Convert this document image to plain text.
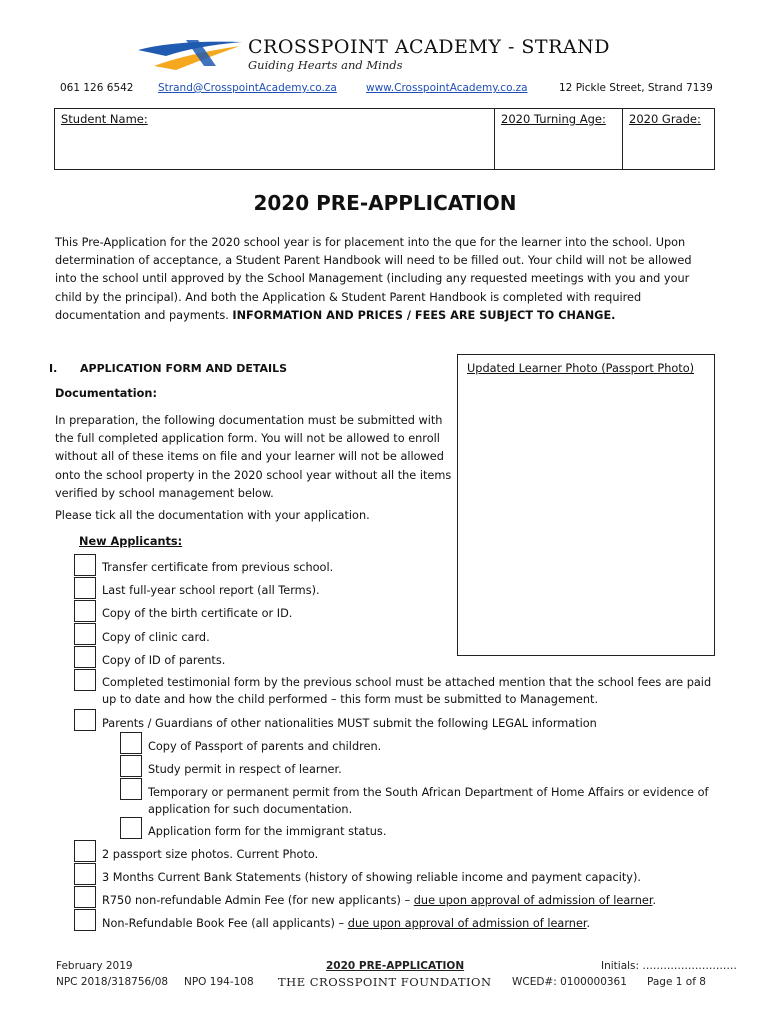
CROSSPOINT ACADEMY - STRAND
Guiding Hearts and Minds
061 126 6542 Strand@CrosspointAcademy.co.za	www.CrosspointAcademy.co.za	12 Pickle Street, Strand 7139
Student Name:	2020 Turning Age:	2020 Grade:
2020 PRE-APPLICATION
This Pre-Application for the 2020 school year is for placement into the que for the learner into the school. Upon determination of acceptance, a Student Parent Handbook will need to be filled out. Your child will not be allowed into the school until approved by the School Management (including any requested meetings with you and your child by the principal). And both the Application & Student Parent Handbook is completed with required documentation and payments. INFORMATION AND PRICES / FEES ARE SUBJECT TO CHANGE.
I. APPLICATION FORM AND DETAILS	Updated Learner Photo (Passport Photo)
Documentation:
In preparation, the following documentation must be submitted with the full completed application form. You will not be allowed to enroll without all of these items on file and your learner will not be allowed onto the school property in the 2020 school year without all the items verified by school management below.
Please tick all the documentation with your application.
New Applicants:
Transfer certificate from previous school.
Last full-year school report (all Terms).
Copy of the birth certificate or ID.
Copy of clinic card.
Copy of ID of parents.
Completed testimonial form by the previous school must be attached mention that the school fees are paid up to date and how the child performed – this form must be submitted to Management.
Parents / Guardians of other nationalities MUST submit the following LEGAL information
Copy of Passport of parents and children.
Study permit in respect of learner.
Temporary or permanent permit from the South African Department of Home Affairs or evidence of application for such documentation.
Application form for the immigrant status.
2 passport size photos. Current Photo.
3 Months Current Bank Statements (history of showing reliable income and payment capacity).
R750 non-refundable Admin Fee (for new applicants) – due upon approval of admission of learner.
Non-Refundable Book Fee (all applicants) – due upon approval of admission of learner.
February 2019
NPC 2018/318756/08 NPO 194-108
2020 PRE-APPLICATION
THE CROSSPOINT FOUNDATION
Initials: ………………………
WCED#: 0100000361 Page 1 of 8
